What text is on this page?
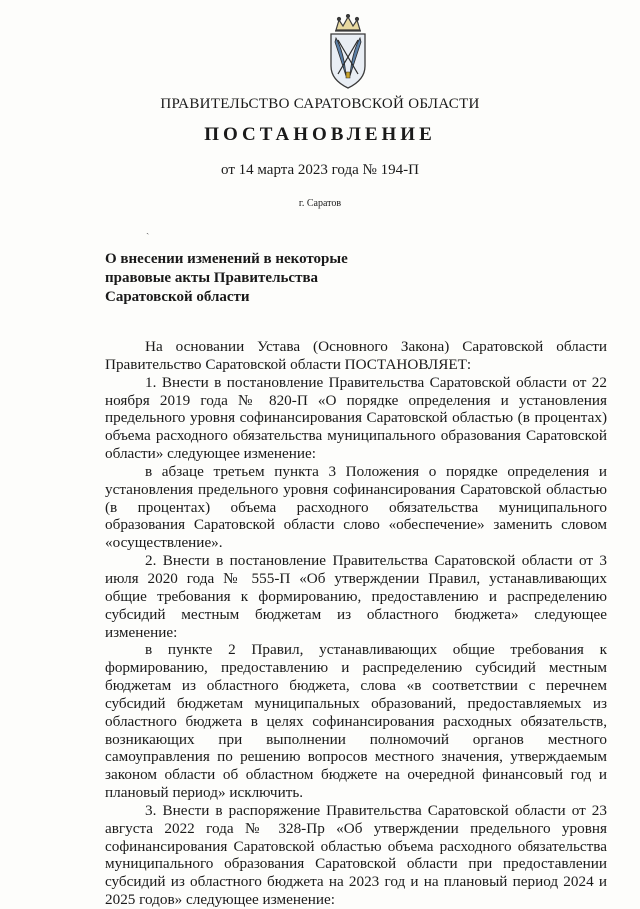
ПРАВИТЕЛЬСТВО САРАТОВСКОЙ ОБЛАСТИ
ПОСТАНОВЛЕНИЕ
от 14 марта 2023 года № 194-П
г. Саратов
О внесении изменений в некоторые
правовые акты Правительства
Саратовской области

На основании Устава (Основного Закона) Саратовской области Правительство Саратовской области ПОСТАНОВЛЯЕТ:

1. Внести в постановление Правительства Саратовской области от 22 ноября 2019 года № 820-П «О порядке определения и установления предельного уровня софинансирования Саратовской областью (в процентах) объема расходного обязательства муниципального образования Саратовской области» следующее изменение:

в абзаце третьем пункта 3 Положения о порядке определения и установления предельного уровня софинансирования Саратовской областью (в процентах) объема расходного обязательства муниципального образования Саратовской области слово «обеспечение» заменить словом «осуществление».

2. Внести в постановление Правительства Саратовской области от 3 июля 2020 года № 555-П «Об утверждении Правил, устанавливающих общие требования к формированию, предоставлению и распределению субсидий местным бюджетам из областного бюджета» следующее изменение:

в пункте 2 Правил, устанавливающих общие требования к формированию, предоставлению и распределению субсидий местным бюджетам из областного бюджета, слова «в соответствии с перечнем субсидий бюджетам муниципальных образований, предоставляемых из областного бюджета в целях софинансирования расходных обязательств, возникающих при выполнении полномочий органов местного самоуправления по решению вопросов местного значения, утверждаемым законом области об областном бюджете на очередной финансовый год и плановый период» исключить.

3. Внести в распоряжение Правительства Саратовской области от 23 августа 2022 года № 328-Пр «Об утверждении предельного уровня софинансирования Саратовской областью объема расходного обязательства муниципального образования Саратовской области при предоставлении субсидий из областного бюджета на 2023 год и на плановый период 2024 и 2025 годов» следующее изменение:

ˎ
